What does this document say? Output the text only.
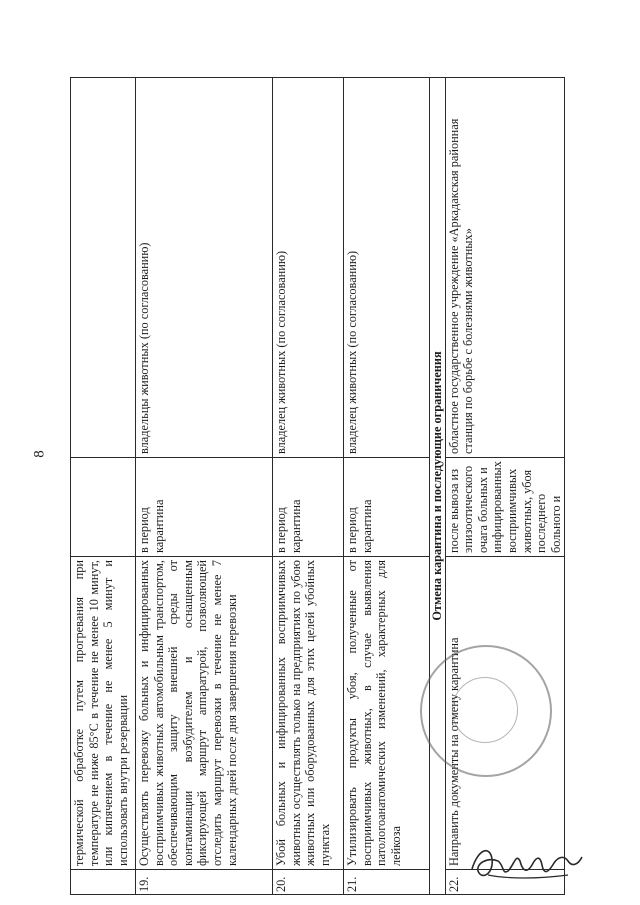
8
	термической обработке путем прогревания при температуре не ниже 85°С в течение не менее 10 минут, или кипячением в течение не менее 5 минут и использовать внутри резервации		
19.	Осуществлять перевозку больных и инфицированных восприимчивых животных автомобильным транспортом, обеспечивающим защиту внешней среды от контаминации возбудителем и оснащенным фиксирующей маршрут аппаратурой, позволяющей отследить маршрут перевозки в течение не менее 7 календарных дней после дня завершения перевозки	в период карантина	владельцы животных (по согласованию)
20.	Убой больных и инфицированных восприимчивых животных осуществлять только на предприятиях по убою животных или оборудованных для этих целей убойных пунктах	в период карантина	владелец животных (по согласованию)
21.	Утилизировать продукты убоя, полученные от восприимчивых животных, в случае выявления патологоанатомических изменений, характерных для лейкоза	в период карантина	владелец животных (по согласованию)
Отмена карантина и последующие ограничения			
22.	Направить документы на отмену карантина	после вывоза из эпизоотического очага больных и инфицированных восприимчивых животных, убоя последнего больного и	областное государственное учреждение «Аркадакская районная станция по борьбе с болезнями животных»
